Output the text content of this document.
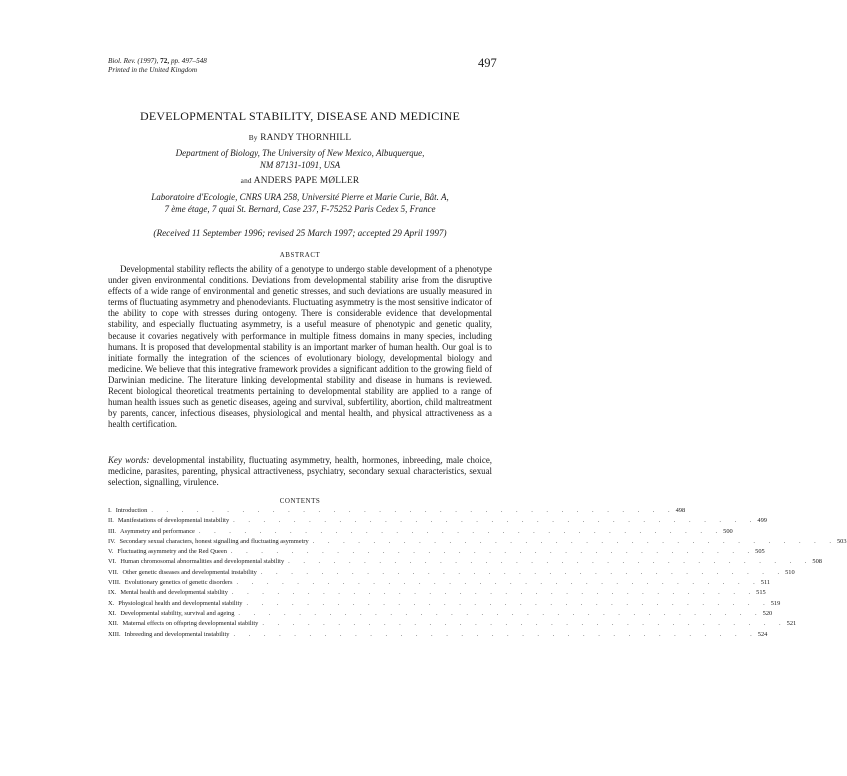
Biol. Rev. (1997), 72, pp. 497–548
Printed in the United Kingdom	497
DEVELOPMENTAL STABILITY, DISEASE AND MEDICINE
By RANDY THORNHILL
Department of Biology, The University of New Mexico, Albuquerque,
NM 87131-1091, USA
and ANDERS PAPE MØLLER
Laboratoire d'Ecologie, CNRS URA 258, Université Pierre et Marie Curie, Bât. A,
7 ème étage, 7 quai St. Bernard, Case 237, F-75252 Paris Cedex 5, France
(Received 11 September 1996; revised 25 March 1997; accepted 29 April 1997)
ABSTRACT

Developmental stability reflects the ability of a genotype to undergo stable development of a phenotype under given environmental conditions. Deviations from developmental stability arise from the disruptive effects of a wide range of environmental and genetic stresses, and such deviations are usually measured in terms of fluctuating asymmetry and phenodeviants. Fluctuating asymmetry is the most sensitive indicator of the ability to cope with stresses during ontogeny. There is considerable evidence that developmental stability, and especially fluctuating asymmetry, is a useful measure of phenotypic and genetic quality, because it covaries negatively with performance in multiple fitness domains in many species, including humans. It is proposed that developmental stability is an important marker of human health. Our goal is to initiate formally the integration of the sciences of evolutionary biology, developmental biology and medicine. We believe that this integrative framework provides a significant addition to the growing field of Darwinian medicine. The literature linking developmental stability and disease in humans is reviewed. Recent biological theoretical treatments pertaining to developmental stability are applied to a range of human health issues such as genetic diseases, ageing and survival, subfertility, abortion, child maltreatment by parents, cancer, infectious diseases, physiological and mental health, and physical attractiveness as a health certification.

Key words: developmental instability, fluctuating asymmetry, health, hormones, inbreeding, male choice, medicine, parasites, parenting, physical attractiveness, psychiatry, secondary sexual characteristics, sexual selection, signalling, virulence.

CONTENTS
I. Introduction . . . . . . . . . . . . . . . . . . . . . . . . . . . . . . . . . . . 498
II. Manifestations of developmental instability . . . . . . . . . . . . . . . . . . . . . . . . . . . . . . . . . . . 499
III. Asymmetry and performance . . . . . . . . . . . . . . . . . . . . . . . . . . . . . . . . . . . 500
IV. Secondary sexual characters, honest signalling and fluctuating asymmetry . . . . . . . . . . . . . . . . . . . . . . . . . . . . . . . . . . . 503
V. Fluctuating asymmetry and the Red Queen . . . . . . . . . . . . . . . . . . . . . . . . . . . . . . . . . . . 505
VI. Human chromosomal abnormalities and developmental stability . . . . . . . . . . . . . . . . . . . . . . . . . . . . . . . . . . . 508
VII. Other genetic diseases and developmental instability . . . . . . . . . . . . . . . . . . . . . . . . . . . . . . . . . . . 510
VIII. Evolutionary genetics of genetic disorders . . . . . . . . . . . . . . . . . . . . . . . . . . . . . . . . . . . 511
IX. Mental health and developmental stability . . . . . . . . . . . . . . . . . . . . . . . . . . . . . . . . . . . 515
X. Physiological health and developmental stability . . . . . . . . . . . . . . . . . . . . . . . . . . . . . . . . . . . 519
XI. Developmental stability, survival and ageing . . . . . . . . . . . . . . . . . . . . . . . . . . . . . . . . . . . 520
XII. Maternal effects on offspring developmental stability . . . . . . . . . . . . . . . . . . . . . . . . . . . . . . . . . . . 521
XIII. Inbreeding and developmental instability . . . . . . . . . . . . . . . . . . . . . . . . . . . . . . . . . . . 524
